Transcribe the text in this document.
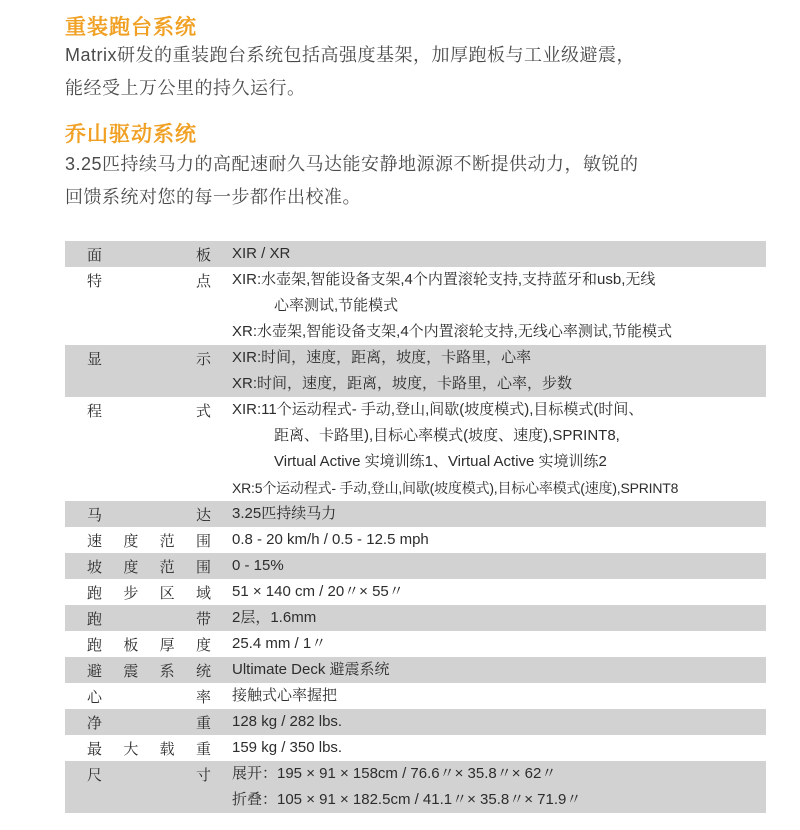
重装跑台系统
Matrix研发的重装跑台系统包括高强度基架，加厚跑板与工业级避震，
能经受上万公里的持久运行。
乔山驱动系统
3.25匹持续马力的高配速耐久马达能安静地源源不断提供动力，敏锐的
回馈系统对您的每一步都作出校准。
面	板 XIR / XR
特	点 XIR:水壶架,智能设备支架,4个内置滚轮支持,支持蓝牙和usb,无线
心率测试,节能模式
XR:水壶架,智能设备支架,4个内置滚轮支持,无线心率测试,节能模式
显	示 XIR:时间，速度，距离，坡度，卡路里，心率
XR:时间，速度，距离，坡度，卡路里，心率，步数
程	式 XIR:11个运动程式- 手动,登山,间歇(坡度模式),目标模式(时间、
距离、卡路里),目标心率模式(坡度、速度),SPRINT8,
Virtual Active 实境训练1、Virtual Active 实境训练2
XR:5个运动程式- 手动,登山,间歇(坡度模式),目标心率模式(速度),SPRINT8
马	达 3.25匹持续马力
速 度 范 围 0.8 - 20 km/h / 0.5 - 12.5 mph
坡 度 范 围 0 - 15%
跑 步 区 域 51 × 140 cm / 20〃× 55〃
跑	带 2层，1.6mm
跑 板 厚 度 25.4 mm / 1〃
避 震 系 统 Ultimate Deck 避震系统
心	率 接触式心率握把
净	重 128 kg / 282 lbs.
最 大 载 重 159 kg / 350 lbs.
尺	寸 展开：195 × 91 × 158cm / 76.6〃× 35.8〃× 62〃
折叠：105 × 91 × 182.5cm / 41.1〃× 35.8〃× 71.9〃
